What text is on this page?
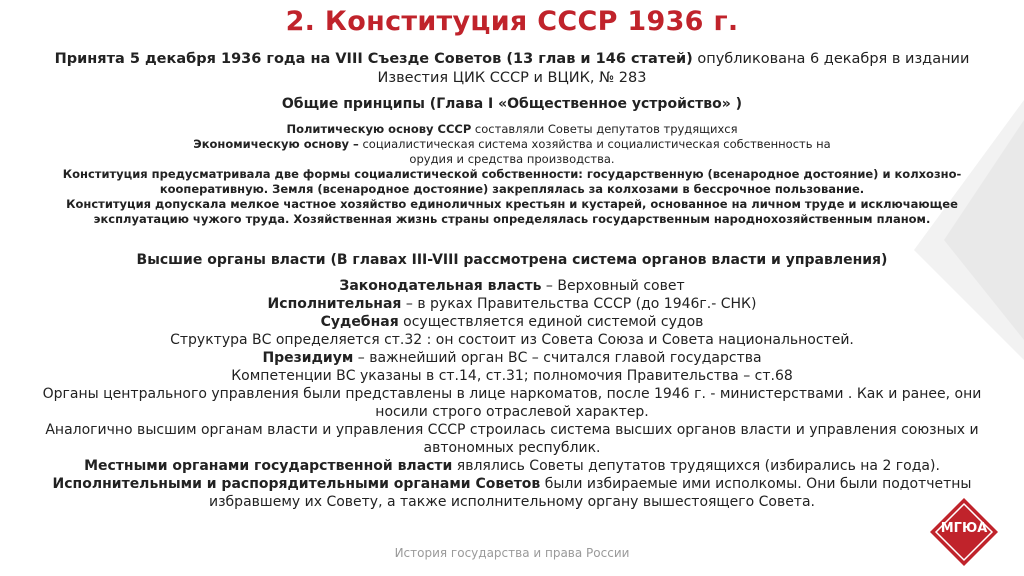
2. Конституция СССР 1936 г.
Принята 5 декабря 1936 года на VIII Съезде Советов (13 глав и 146 статей) опубликована 6 декабря в издании Известия ЦИК СССР и ВЦИК, № 283
Общие принципы (Глава I «Общественное устройство» )
Политическую основу СССР составляли Советы депутатов трудящихся
Экономическую основу – социалистическая система хозяйства и социалистическая собственность на орудия и средства производства.

Конституция предусматривала две формы социалистической собственности: государственную (всенародное достояние) и колхозно-кооперативную. Земля (всенародное достояние) закреплялась за колхозами в бессрочное пользование.

Конституция допускала мелкое частное хозяйство единоличных крестьян и кустарей, основанное на личном труде и исключающее эксплуатацию чужого труда. Хозяйственная жизнь страны определялась государственным народнохозяйственным планом.

Высшие органы власти (В главах III-VIII рассмотрена система органов власти и управления)

Законодательная власть – Верховный совет

Исполнительная – в руках Правительства СССР (до 1946г.- СНК)

Судебная осуществляется единой системой судов

Структура ВС определяется ст.32 : он состоит из Совета Союза и Совета национальностей.

Президиум – важнейший орган ВС – считался главой государства

Компетенции ВС указаны в ст.14, ст.31; полномочия Правительства – ст.68

Органы центрального управления были представлены в лице наркоматов, после 1946 г. - министерствами . Как и ранее, они носили строго отраслевой характер.

Аналогично высшим органам власти и управления СССР строилась система высших органов власти и управления союзных и автономных республик.

Местными органами государственной власти являлись Советы депутатов трудящихся (избирались на 2 года).

Исполнительными и распорядительными органами Советов были избираемые ими исполкомы. Они были подотчетны избравшему их Совету, а также исполнительному органу вышестоящего Совета.

История государства и права России
МГЮА
